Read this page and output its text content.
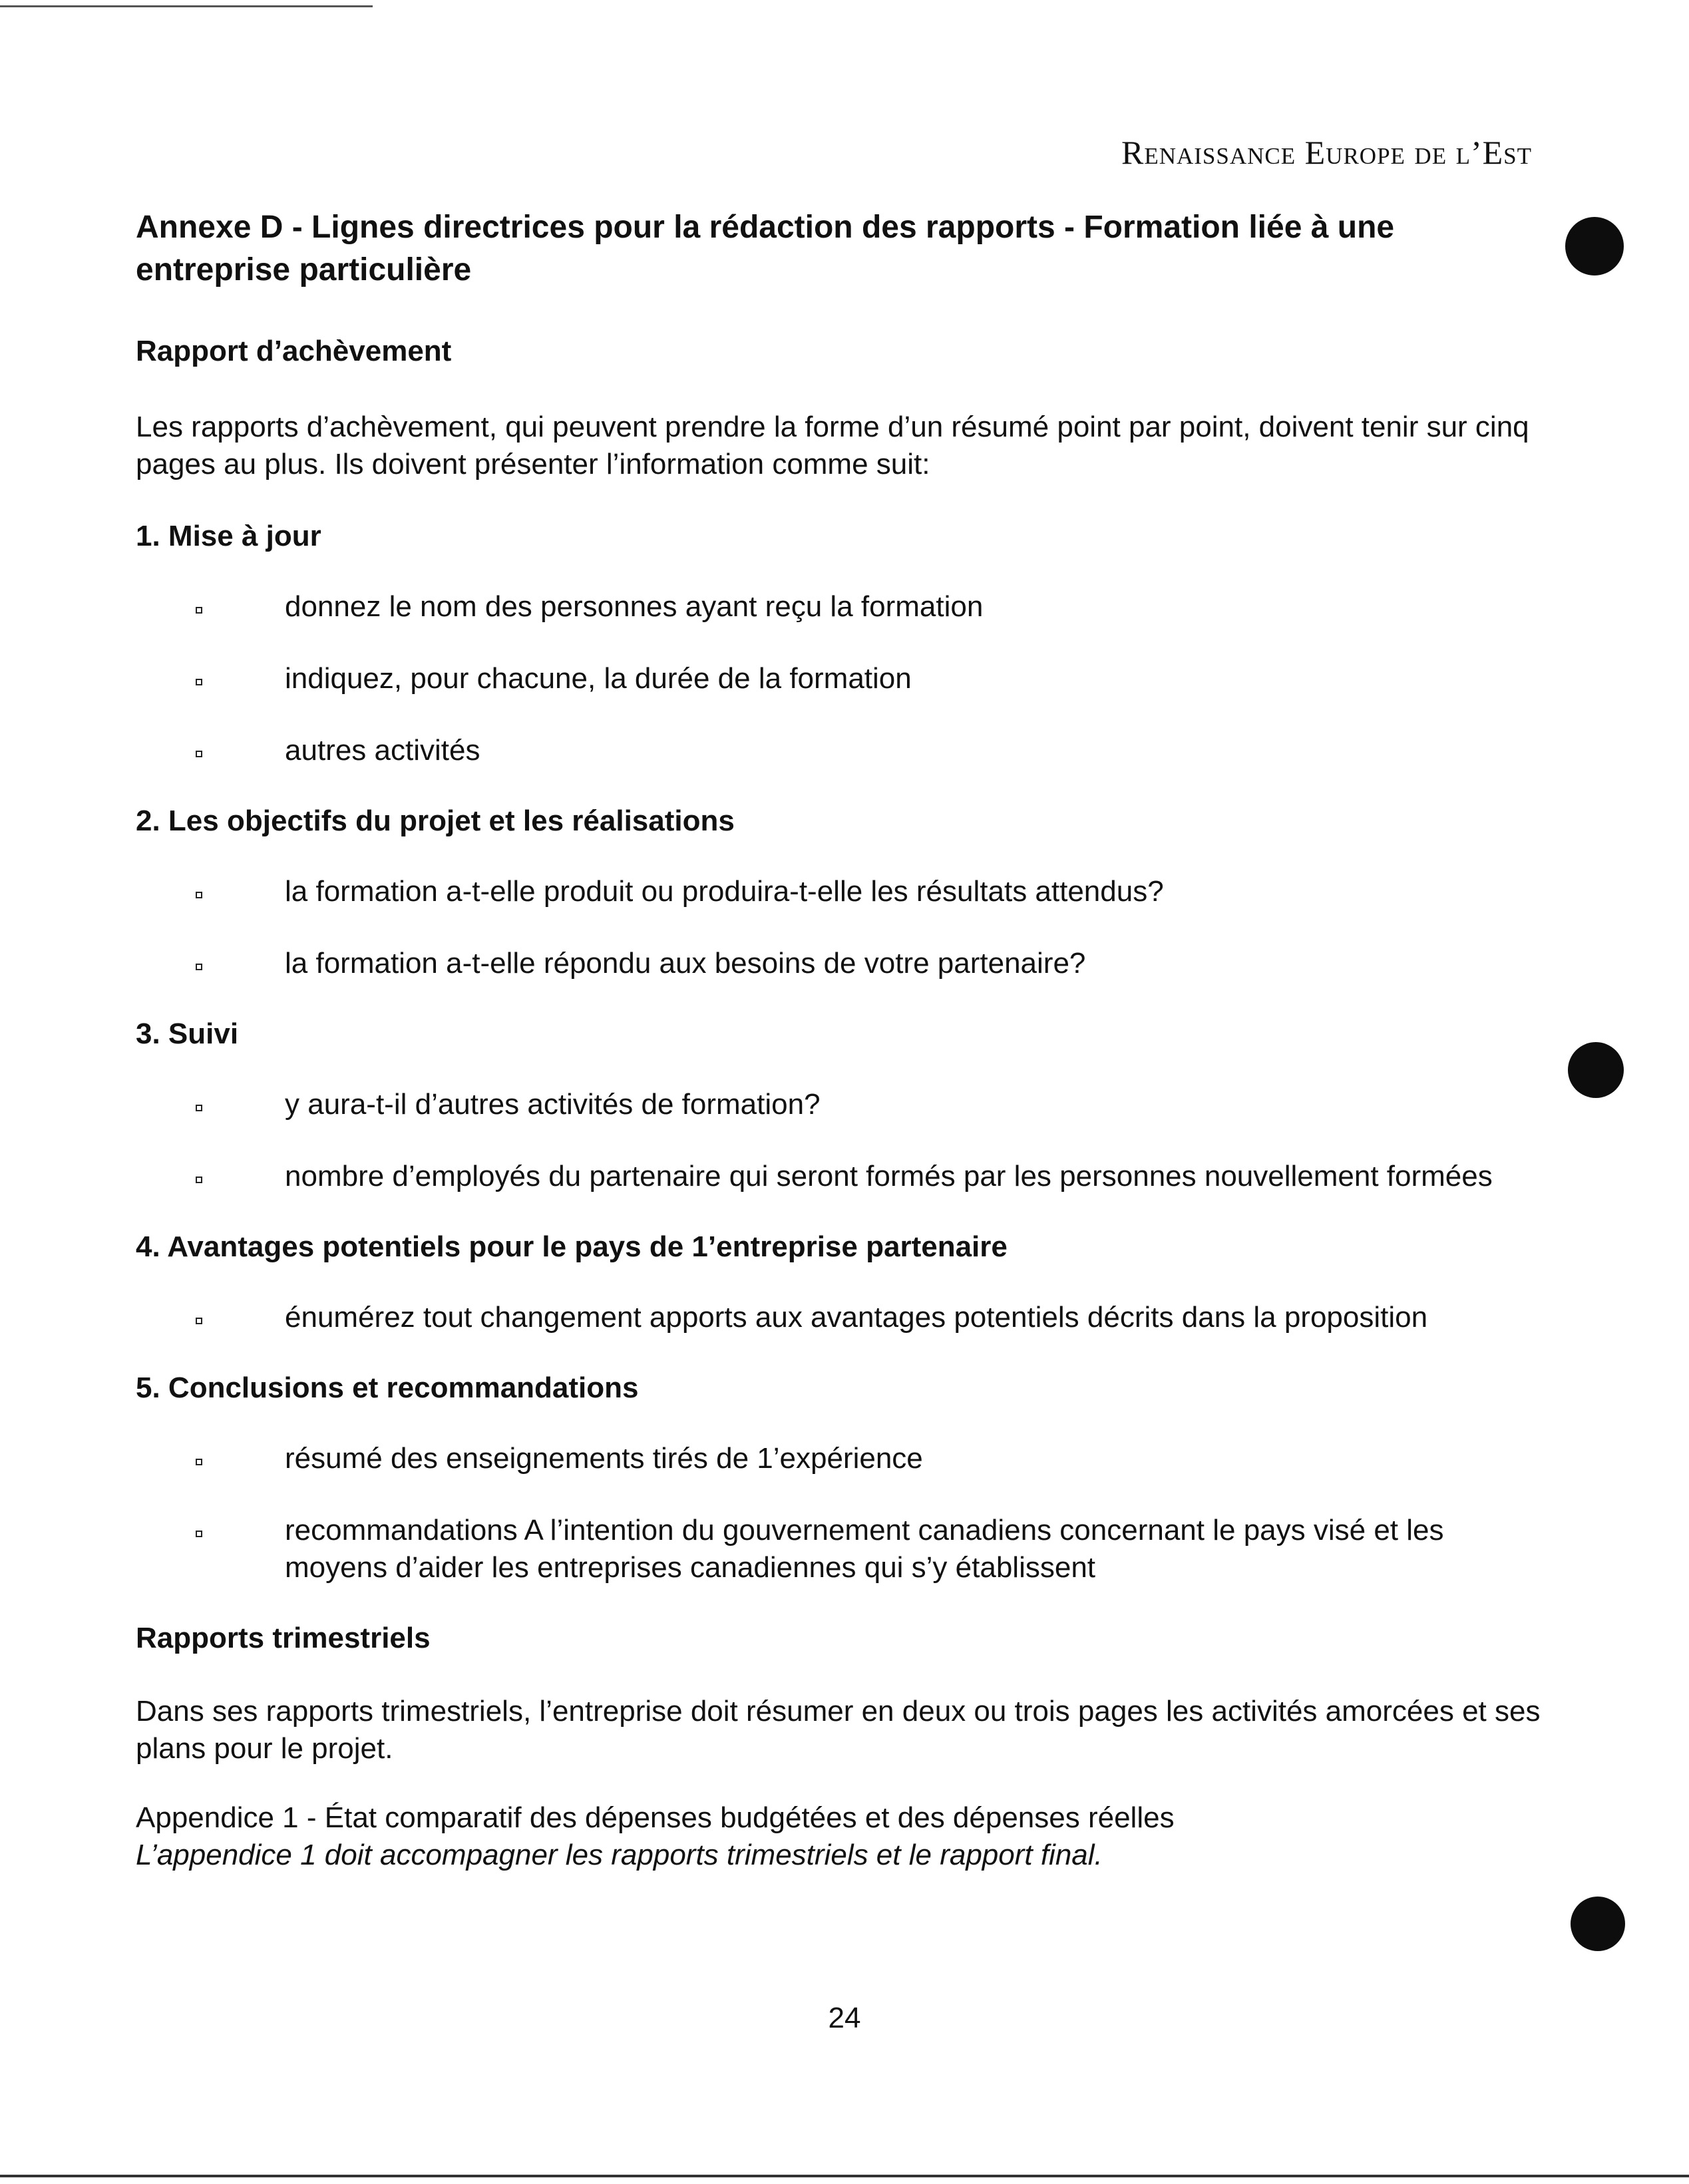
Renaissance Europe de l’Est
Annexe D - Lignes directrices pour la rédaction des rapports - Formation liée à une entreprise particulière
Rapport d’achèvement

Les rapports d’achèvement, qui peuvent prendre la forme d’un résumé point par point, doivent tenir sur cinq pages au plus. Ils doivent présenter l’information comme suit:

1. Mise à jour
donnez le nom des personnes ayant reçu la formation
indiquez, pour chacune, la durée de la formation
autres activités
2. Les objectifs du projet et les réalisations
la formation a-t-elle produit ou produira-t-elle les résultats attendus?
la formation a-t-elle répondu aux besoins de votre partenaire?
3. Suivi
y aura-t-il d’autres activités de formation?
nombre d’employés du partenaire qui seront formés par les personnes nouvellement formées
4. Avantages potentiels pour le pays de 1’entreprise partenaire
énumérez tout changement apports aux avantages potentiels décrits dans la proposition
5. Conclusions et recommandations
résumé des enseignements tirés de 1’expérience
recommandations A l’intention du gouvernement canadiens concernant le pays visé et les moyens d’aider les entreprises canadiennes qui s’y établissent
Rapports trimestriels

Dans ses rapports trimestriels, l’entreprise doit résumer en deux ou trois pages les activités amorcées et ses plans pour le projet.

Appendice 1 - État comparatif des dépenses budgétées et des dépenses réelles

L’appendice 1 doit accompagner les rapports trimestriels et le rapport final.

24
